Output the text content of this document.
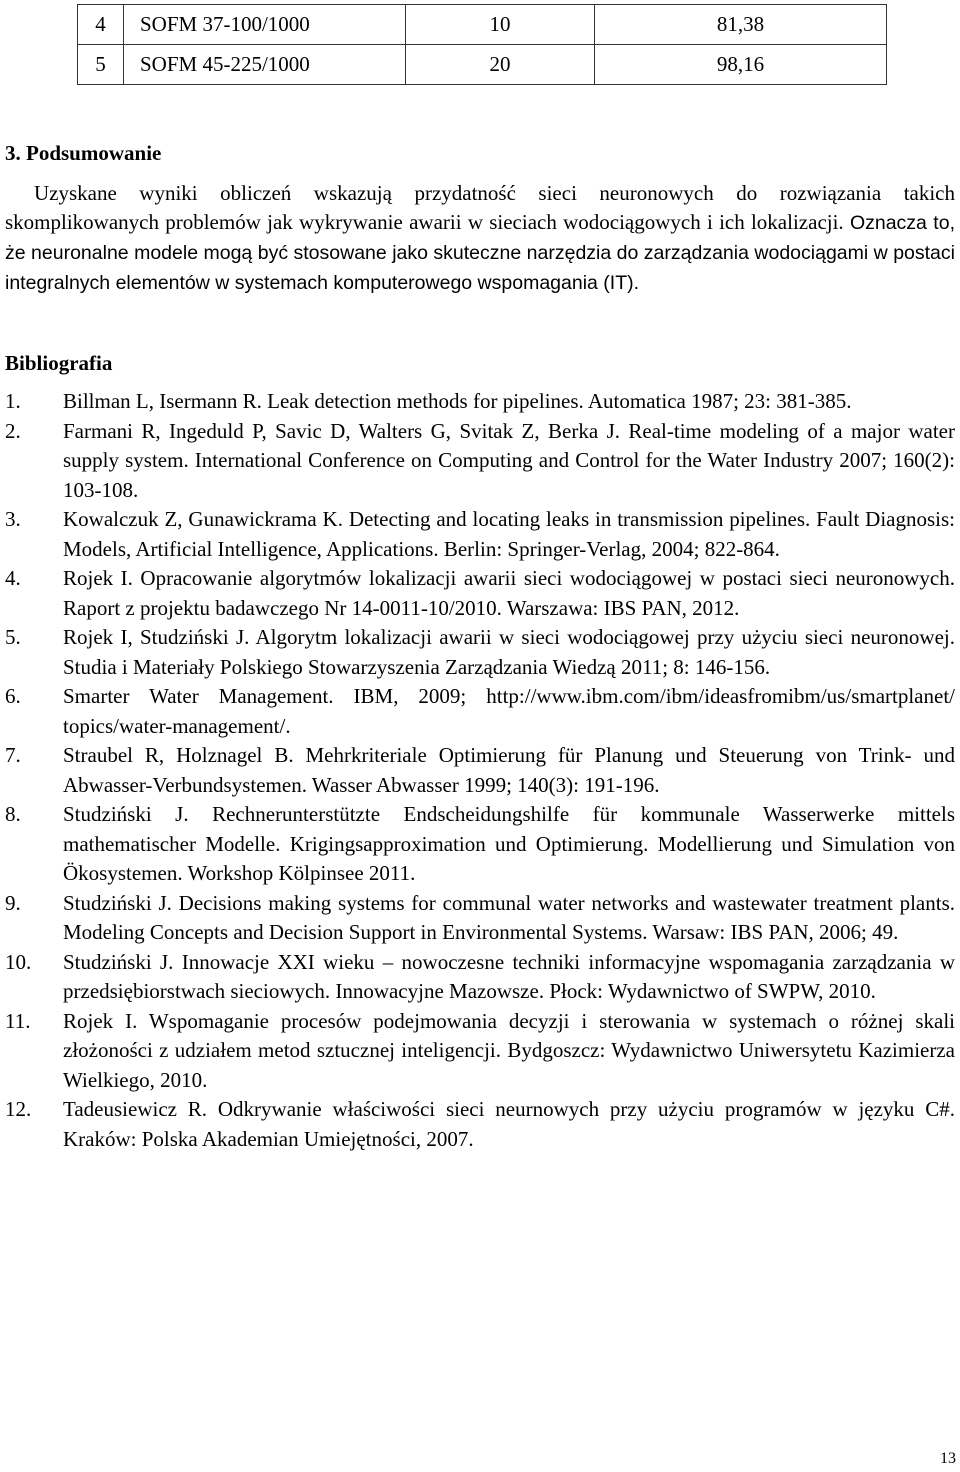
4	SOFM 37-100/1000	10	81,38
5	SOFM 45-225/1000	20	98,16
3. Podsumowanie

Uzyskane wyniki obliczeń wskazują przydatność sieci neuronowych do rozwiązania takich skomplikowanych problemów jak wykrywanie awarii w sieciach wodociągowych i ich lokalizacji. Oznacza to, że neuronalne modele mogą być stosowane jako skuteczne narzędzia do zarządzania wodociągami w postaci integralnych elementów w systemach komputerowego wspomagania (IT).

Bibliografia
1. Billman L, Isermann R. Leak detection methods for pipelines. Automatica 1987; 23: 381-385.
2. Farmani R, Ingeduld P, Savic D, Walters G, Svitak Z, Berka J. Real-time modeling of a major water supply system. International Conference on Computing and Control for the Water Industry 2007; 160(2): 103-108.
3. Kowalczuk Z, Gunawickrama K. Detecting and locating leaks in transmission pipelines. Fault Diagnosis: Models, Artificial Intelligence, Applications. Berlin: Springer-Verlag, 2004; 822-864.
4. Rojek I. Opracowanie algorytmów lokalizacji awarii sieci wodociągowej w postaci sieci neuronowych. Raport z projektu badawczego Nr 14-0011-10/2010. Warszawa: IBS PAN, 2012.
5. Rojek I, Studziński J. Algorytm lokalizacji awarii w sieci wodociągowej przy użyciu sieci neuronowej. Studia i Materiały Polskiego Stowarzyszenia Zarządzania Wiedzą 2011; 8: 146-156.
6. Smarter Water Management. IBM, 2009; http://www.ibm.com/ibm/ideasfromibm/us/smartplanet/ topics/water-management/.
7. Straubel R, Holznagel B. Mehrkriteriale Optimierung für Planung und Steuerung von Trink- und Abwasser-Verbundsystemen. Wasser Abwasser 1999; 140(3): 191-196.
8. Studziński J. Rechnerunterstützte Endscheidungshilfe für kommunale Wasserwerke mittels mathematischer Modelle. Krigingsapproximation und Optimierung. Modellierung und Simulation von Ökosystemen. Workshop Kölpinsee 2011.
9. Studziński J. Decisions making systems for communal water networks and wastewater treatment plants. Modeling Concepts and Decision Support in Environmental Systems. Warsaw: IBS PAN, 2006; 49.
10. Studziński J. Innowacje XXI wieku – nowoczesne techniki informacyjne wspomagania zarządzania w przedsiębiorstwach sieciowych. Innowacyjne Mazowsze. Płock: Wydawnictwo of SWPW, 2010.
11. Rojek I. Wspomaganie procesów podejmowania decyzji i sterowania w systemach o różnej skali złożoności z udziałem metod sztucznej inteligencji. Bydgoszcz: Wydawnictwo Uniwersytetu Kazimierza Wielkiego, 2010.
12. Tadeusiewicz R. Odkrywanie właściwości sieci neurnowych przy użyciu programów w języku C#. Kraków: Polska Akademian Umiejętności, 2007.
13
